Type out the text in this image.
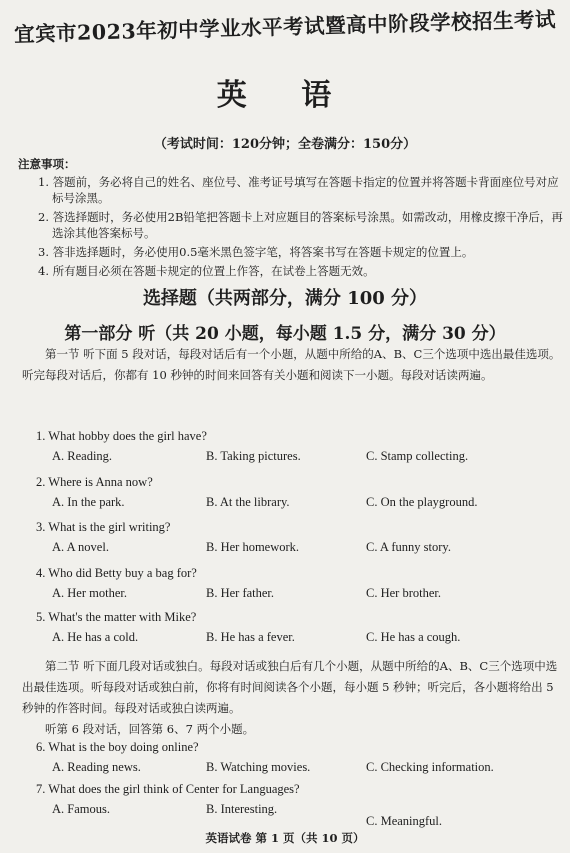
宜宾市2023年初中学业水平考试暨高中阶段学校招生考试
英 语
（考试时间：120分钟；全卷满分：150分）
注意事项：
1. 答题前，务必将自己的姓名、座位号、准考证号填写在答题卡指定的位置并将答题卡背面座位号对应标号涂黑。
2. 答选择题时，务必使用2B铅笔把答题卡上对应题目的答案标号涂黑。如需改动，用橡皮擦干净后，再选涂其他答案标号。
3. 答非选择题时，务必使用0.5毫米黑色签字笔，将答案书写在答题卡规定的位置上。
4. 所有题目必须在答题卡规定的位置上作答，在试卷上答题无效。
选择题（共两部分，满分 100 分）
第一部分 听（共 20 小题，每小题 1.5 分，满分 30 分）
第一节 听下面 5 段对话，每段对话后有一个小题，从题中所给的A、B、C三个选项中选出最佳选项。听完每段对话后，你都有 10 秒钟的时间来回答有关小题和阅读下一小题。每段对话读两遍。
1. What hobby does the girl have?
A. Reading.	B. Taking pictures.	C. Stamp collecting.
2. Where is Anna now?
A. In the park.	B. At the library.	C. On the playground.
3. What is the girl writing?
A. A novel.	B. Her homework.	C. A funny story.
4. Who did Betty buy a bag for?
A. Her mother.	B. Her father.	C. Her brother.
5. What's the matter with Mike?
A. He has a cold.	B. He has a fever.	C. He has a cough.
第二节 听下面几段对话或独白。每段对话或独白后有几个小题，从题中所给的A、B、C三个选项中选出最佳选项。听每段对话或独白前，你将有时间阅读各个小题，每小题 5 秒钟；听完后，各小题将给出 5 秒钟的作答时间。每段对话或独白读两遍。
听第 6 段对话，回答第 6、7 两个小题。
6. What is the boy doing online?
A. Reading news.	B. Watching movies.	C. Checking information.
7. What does the girl think of Center for Languages?
A. Famous.	B. Interesting.
C. Meaningful.
英语试卷 第 1 页（共 10 页）
